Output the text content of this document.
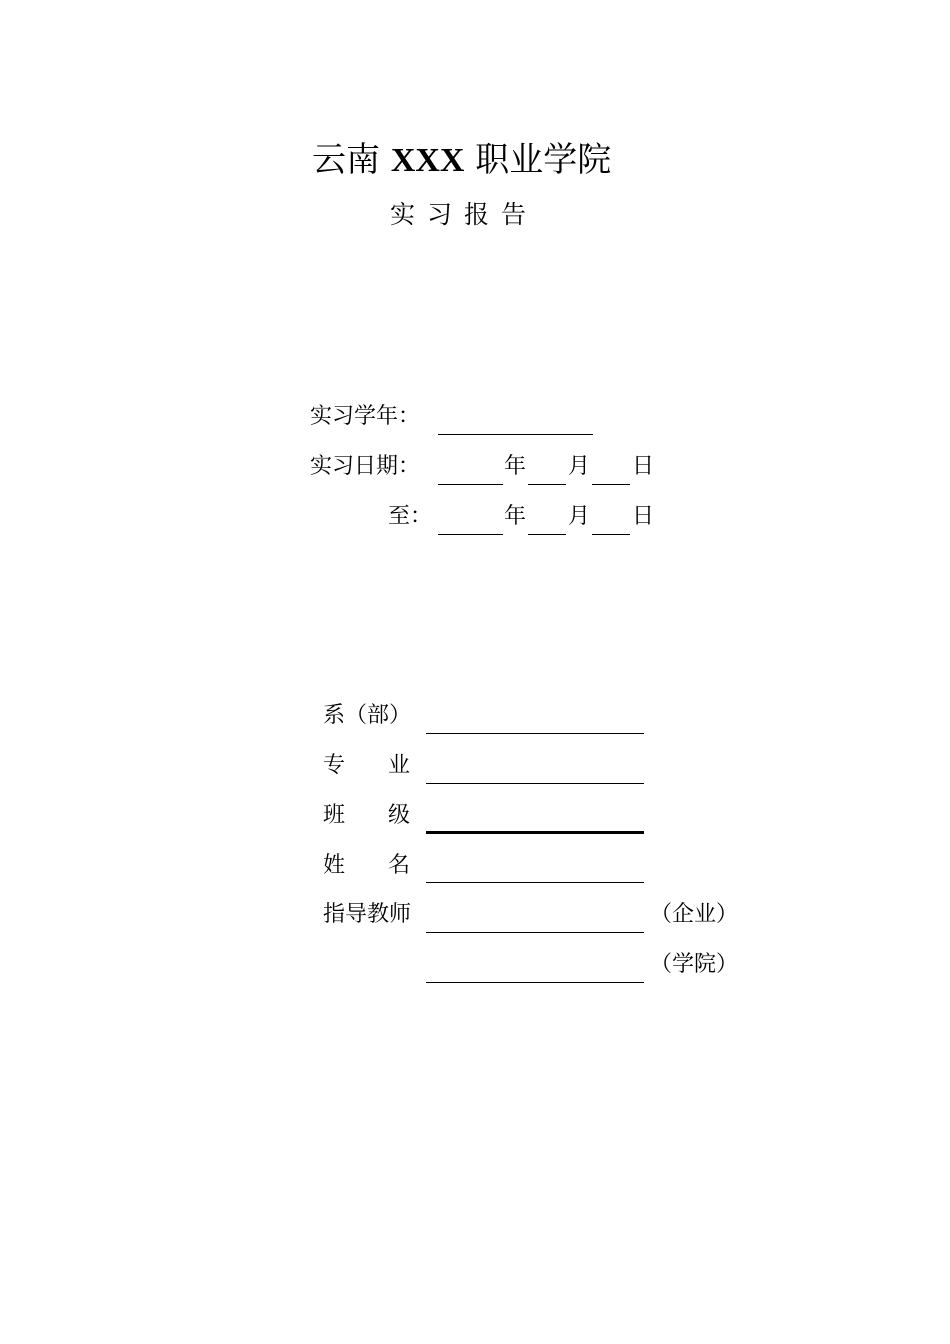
云南 XXX 职业学院
实习报告
实习学年：
实习日期：	年 月 日
至：	年 月 日
系（部）
专 业
班 级
姓 名
指导教师	（企业）
（学院）
